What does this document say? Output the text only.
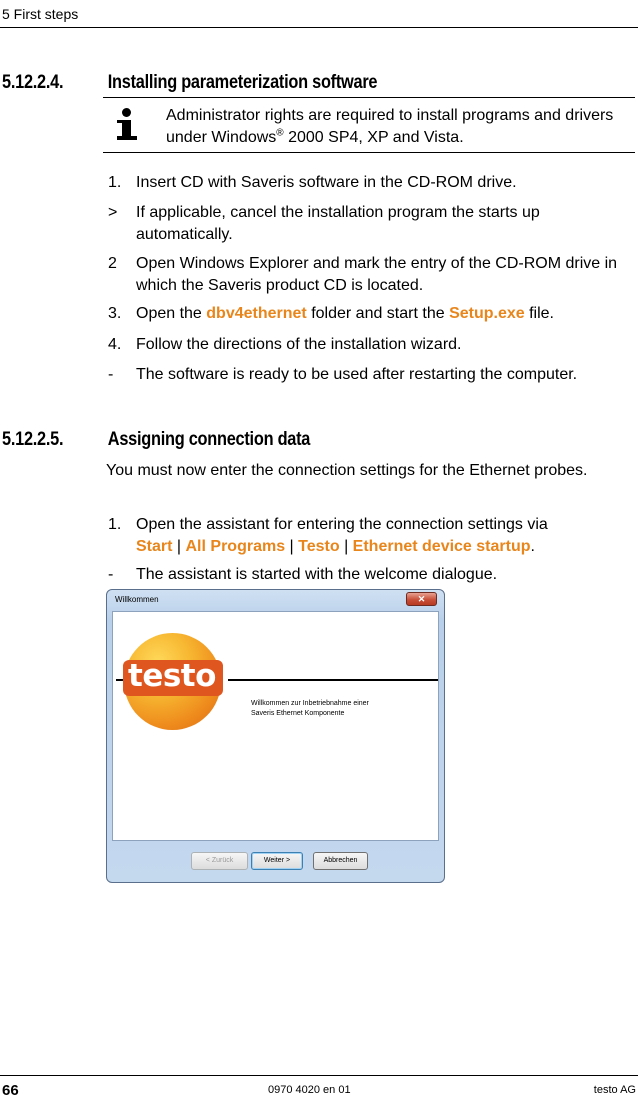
5 First steps
5.12.2.4. Installing parameterization software
Administrator rights are required to install programs and drivers under Windows® 2000 SP4, XP and Vista.
1. Insert CD with Saveris software in the CD-ROM drive.
> If applicable, cancel the installation program the starts up automatically.
2 Open Windows Explorer and mark the entry of the CD-ROM drive in which the Saveris product CD is located.
3. Open the dbv4ethernet folder and start the Setup.exe file.
4. Follow the directions of the installation wizard.
- The software is ready to be used after restarting the computer.
5.12.2.5. Assigning connection data
You must now enter the connection settings for the Ethernet probes.
1. Open the assistant for entering the connection settings via
Start | All Programs | Testo | Ethernet device startup.
- The assistant is started with the welcome dialogue.
Willkommen	✕
testo
Willkommen zur Inbetriebnahme einer
Saveris Ethernet Komponente
< Zurück	Weiter >	Abbrechen
66	0970 4020 en 01	testo AG
